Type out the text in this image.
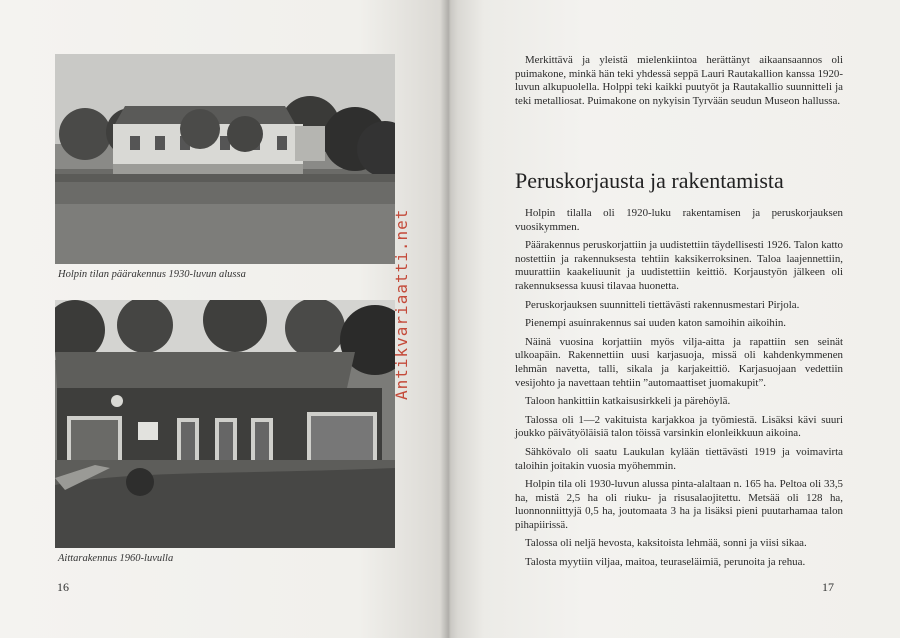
Holpin tilan päärakennus 1930-luvun alussa
Aittarakennus 1960-luvulla
16
Antikvariaatti.net

Merkittävä ja yleistä mielenkiintoa herättänyt aikaansaannos oli puimakone, minkä hän teki yhdessä seppä Lauri Rautakallion kanssa 1920-luvun alkupuolella. Holppi teki kaikki puutyöt ja Rautakallio suunnitteli ja teki metalliosat. Puimakone on nykyisin Tyrvään seudun Museon hallussa.

Peruskorjausta ja rakentamista

Holpin tilalla oli 1920-luku rakentamisen ja peruskorjauksen vuosikymmen.

Päärakennus peruskorjattiin ja uudistettiin täydellisesti 1926. Talon katto nostettiin ja rakennuksesta tehtiin kaksikerroksinen. Taloa laajennettiin, muurattiin kaakeliuunit ja uudistettiin keittiö. Korjaustyön jälkeen oli rakennuksessa kuusi tilavaa huonetta.

Peruskorjauksen suunnitteli tiettävästi rakennusmestari Pirjola.

Pienempi asuinrakennus sai uuden katon samoihin aikoihin.

Näinä vuosina korjattiin myös vilja-aitta ja rapattiin sen seinät ulkoapäin. Rakennettiin uusi karjasuoja, missä oli kahdenkymmenen lehmän navetta, talli, sikala ja karjakeittiö. Karjasuojaan vedettiin vesijohto ja navettaan tehtiin ”automaattiset juomakupit”.

Taloon hankittiin katkaisusirkkeli ja pärehöylä.

Talossa oli 1—2 vakituista karjakkoa ja työmiestä. Lisäksi kävi suuri joukko päivätyöläisiä talon töissä varsinkin elonleikkuun aikoina.

Sähkövalo oli saatu Laukulan kylään tiettävästi 1919 ja voimavirta taloihin joitakin vuosia myöhemmin.

Holpin tila oli 1930-luvun alussa pinta-alaltaan n. 165 ha. Peltoa oli 33,5 ha, mistä 2,5 ha oli riuku- ja risusalaojitettu. Metsää oli 128 ha, luonnonniittyjä 0,5 ha, joutomaata 3 ha ja lisäksi pieni puutarhamaa talon pihapiirissä.

Talossa oli neljä hevosta, kaksitoista lehmää, sonni ja viisi sikaa.

Talosta myytiin viljaa, maitoa, teuraseläimiä, perunoita ja rehua.

17
